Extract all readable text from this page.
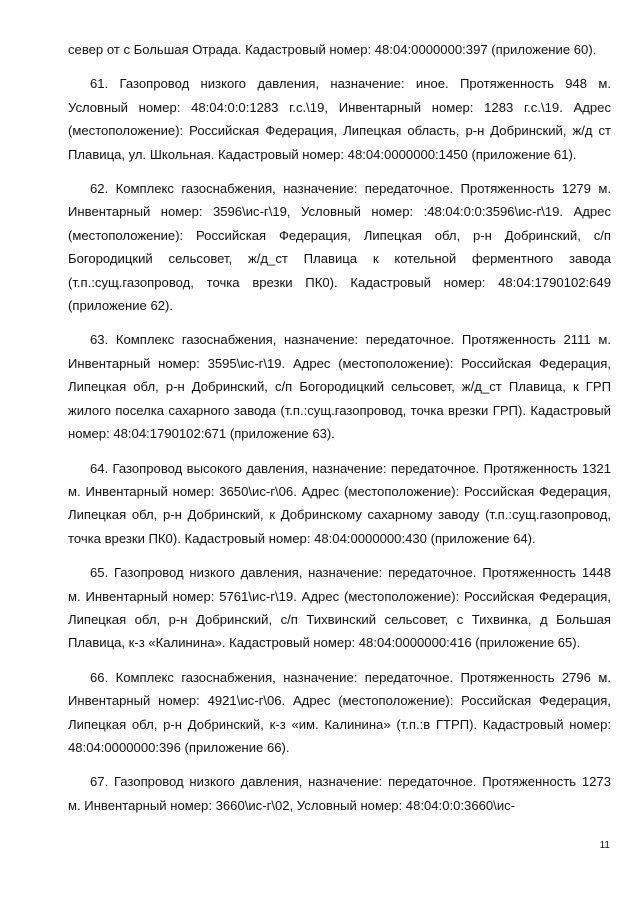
север от с Большая Отрада. Кадастровый номер: 48:04:0000000:397 (приложение 60).

61. Газопровод низкого давления, назначение: иное. Протяженность 948 м. Условный номер: 48:04:0:0:1283 г.с.\19, Инвентарный номер: 1283 г.с.\19. Адрес (местоположение): Российская Федерация, Липецкая область, р-н Добринский, ж/д ст Плавица, ул. Школьная. Кадастровый номер: 48:04:0000000:1450 (приложение 61).

62. Комплекс газоснабжения, назначение: передаточное. Протяженность 1279 м. Инвентарный номер: 3596\ис-г\19, Условный номер: :48:04:0:0:3596\ис-г\19. Адрес (местоположение): Российская Федерация, Липецкая обл, р-н Добринский, с/п Богородицкий сельсовет, ж/д_ст Плавица к котельной ферментного завода (т.п.:сущ.газопровод, точка врезки ПК0). Кадастровый номер: 48:04:1790102:649 (приложение 62).

63. Комплекс газоснабжения, назначение: передаточное. Протяженность 2111 м. Инвентарный номер: 3595\ис-г\19. Адрес (местоположение): Российская Федерация, Липецкая обл, р-н Добринский, с/п Богородицкий сельсовет, ж/д_ст Плавица, к ГРП жилого поселка сахарного завода (т.п.:сущ.газопровод, точка врезки ГРП). Кадастровый номер: 48:04:1790102:671 (приложение 63).

64. Газопровод высокого давления, назначение: передаточное. Протяженность 1321 м. Инвентарный номер: 3650\ис-г\06. Адрес (местоположение): Российская Федерация, Липецкая обл, р-н Добринский, к Добринскому сахарному заводу (т.п.:сущ.газопровод, точка врезки ПК0). Кадастровый номер: 48:04:0000000:430 (приложение 64).

65. Газопровод низкого давления, назначение: передаточное. Протяженность 1448 м. Инвентарный номер: 5761\ис-г\19. Адрес (местоположение): Российская Федерация, Липецкая обл, р-н Добринский, с/п Тихвинский сельсовет, с Тихвинка, д Большая Плавица, к-з «Калинина». Кадастровый номер: 48:04:0000000:416 (приложение 65).

66. Комплекс газоснабжения, назначение: передаточное. Протяженность 2796 м. Инвентарный номер: 4921\ис-г\06. Адрес (местоположение): Российская Федерация, Липецкая обл, р-н Добринский, к-з «им. Калинина» (т.п.:в ГТРП). Кадастровый номер: 48:04:0000000:396 (приложение 66).

67. Газопровод низкого давления, назначение: передаточное. Протяженность 1273 м. Инвентарный номер: 3660\ис-г\02, Условный номер: 48:04:0:0:3660\ис-

11
